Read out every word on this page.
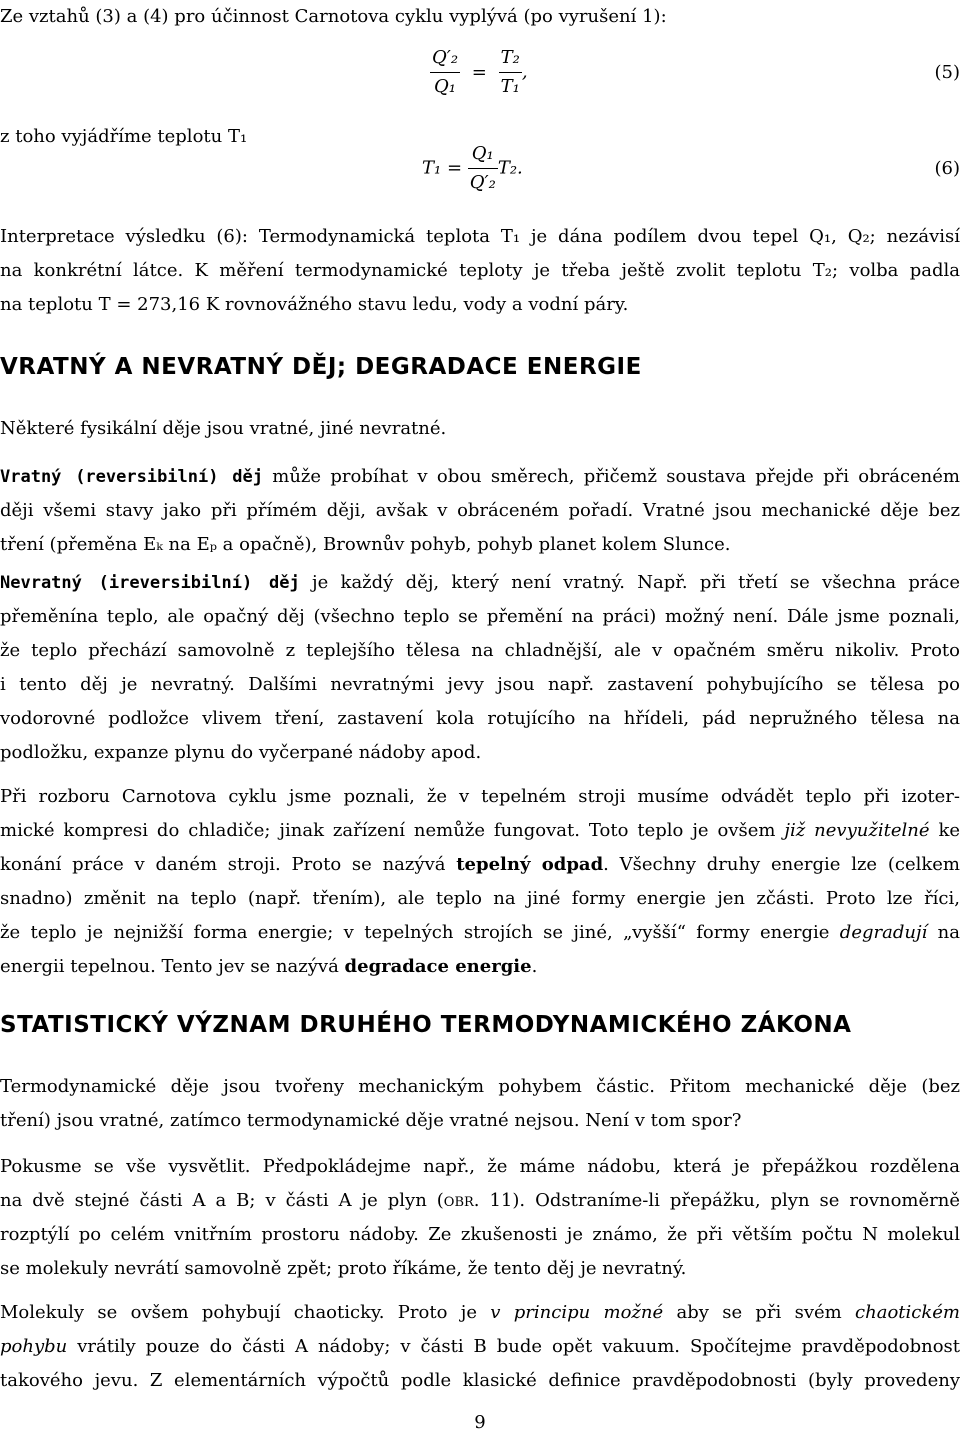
Ze vztahů (3) a (4) pro účinnost Carnotova cyklu vyplývá (po vyrušení 1):
$\frac{\text{Q′₂}}{\text{Q₁}} = \frac{\text{T₂}}{\text{T₁}}$ ,	(5)
z toho vyjádříme teplotu T₁
$T_1 = \frac{\text{Q₁}}{\text{Q′₂}} T_2$.	(6)
Interpretace výsledku (6): Termodynamická teplota T₁ je dána podílem dvou tepel Q₁, Q₂; nezávisí
na konkrétní látce. K měření termodynamické teploty je třeba ještě zvolit teplotu T₂; volba padla
na teplotu T = 273,16 K rovnovážného stavu ledu, vody a vodní páry.
VRATNÝ A NEVRATNÝ DĚJ; DEGRADACE ENERGIE
Některé fysikální děje jsou vratné, jiné nevratné.
Vratný (reversibilní) děj může probíhat v obou směrech, přičemž soustava přejde při obráceném
ději všemi stavy jako při přímém ději, avšak v obráceném pořadí. Vratné jsou mechanické děje bez
tření (přeměna Eₖ na Eₚ a opačně), Brownův pohyb, pohyb planet kolem Slunce.
Nevratný (ireversibilní) děj je každý děj, který není vratný. Např. při třetí se všechna práce
přeměnína teplo, ale opačný děj (všechno teplo se přemění na práci) možný není. Dále jsme poznali,
že teplo přechází samovolně z teplejšího tělesa na chladnější, ale v opačném směru nikoliv. Proto
i tento děj je nevratný. Dalšími nevratnými jevy jsou např. zastavení pohybujícího se tělesa po
vodorovné podložce vlivem tření, zastavení kola rotujícího na hřídeli, pád nepružného tělesa na
podložku, expanze plynu do vyčerpané nádoby apod.
Při rozboru Carnotova cyklu jsme poznali, že v tepelném stroji musíme odvádět teplo při izoter-
mické kompresi do chladiče; jinak zařízení nemůže fungovat. Toto teplo je ovšem již nevyužitelné ke
konání práce v daném stroji. Proto se nazývá tepelný odpad. Všechny druhy energie lze (celkem
snadno) změnit na teplo (např. třením), ale teplo na jiné formy energie jen zčásti. Proto lze říci,
že teplo je nejnižší forma energie; v tepelných strojích se jiné, „vyšší“ formy energie degradují na
energii tepelnou. Tento jev se nazývá degradace energie.
STATISTICKÝ VÝZNAM DRUHÉHO TERMODYNAMICKÉHO ZÁKONA
Termodynamické děje jsou tvořeny mechanickým pohybem částic. Přitom mechanické děje (bez
tření) jsou vratné, zatímco termodynamické děje vratné nejsou. Není v tom spor?
Pokusme se vše vysvětlit. Předpokládejme např., že máme nádobu, která je přepážkou rozdělena
na dvě stejné části A a B; v části A je plyn (obr. 11). Odstraníme-li přepážku, plyn se rovnoměrně
rozptýlí po celém vnitřním prostoru nádoby. Ze zkušenosti je známo, že při větším počtu N molekul
se molekuly nevrátí samovolně zpět; proto říkáme, že tento děj je nevratný.
Molekuly se ovšem pohybují chaoticky. Proto je v principu možné aby se při svém chaotickém
pohybu vrátily pouze do části A nádoby; v části B bude opět vakuum. Spočítejme pravděpodobnost
takového jevu. Z elementárních výpočtů podle klasické definice pravděpodobnosti (byly provedeny
9
